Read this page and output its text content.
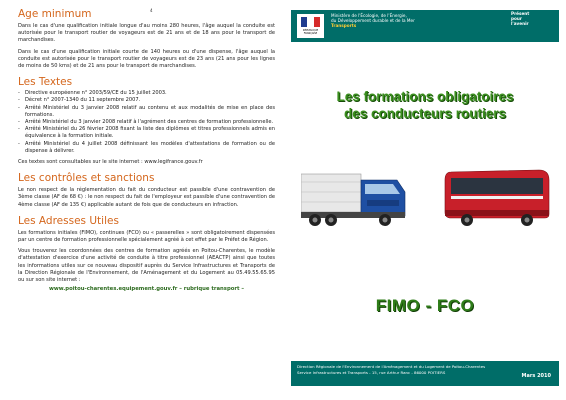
4
Age minimum

Dans le cas d'une qualification initiale longue d'au moins 280 heures, l'âge auquel la conduite est autorisée pour le transport routier de voyageurs est de 21 ans et de 18 ans pour le transport de marchandises.

Dans le cas d'une qualification initiale courte de 140 heures ou d'une dispense, l'âge auquel la conduite est autorisée pour le transport routier de voyageurs est de 23 ans (21 ans pour les lignes de moins de 50 kms) et de 21 ans pour le transport de marchandises.

Les Textes
- Directive européenne n° 2003/59/CE du 15 juillet 2003.
- Décret n° 2007-1340 du 11 septembre 2007.
- Arrêté Ministériel du 3 janvier 2008 relatif au contenu et aux modalités de mise en place des formations.
- Arrêté Ministériel du 3 janvier 2008 relatif à l'agrément des centres de formation professionnelle.
- Arrêté Ministériel du 26 février 2008 fixant la liste des diplômes et titres professionnels admis en équivalence à la formation initiale.
- Arrêté Ministériel du 4 juillet 2008 définissant les modèles d'attestations de formation ou de dispense à délivrer.

Ces textes sont consultables sur le site internet : www.legifrance.gouv.fr

Les contrôles et sanctions

Le non respect de la réglementation du fait du conducteur est passible d'une contravention de 3ème classe (AF de 68 €) : le non respect du fait de l'employeur est passible d'une contravention de 4ème classe (AF de 135 €) applicable autant de fois que de conducteurs en infraction.

Les Adresses Utiles

Les formations initiales (FIMO), continues (FCO) ou « passerelles » sont obligatoirement dispensées par un centre de formation professionnelle spécialement agréé à cet effet par le Préfet de Région.

Vous trouverez les coordonnées des centres de formation agréés en Poitou-Charentes, le modèle d'attestation d'exercice d'une activité de conduite à titre professionnel (AEACTP) ainsi que toutes les informations utiles sur ce nouveau dispositif auprès du Service Infrastructures et Transports de la Direction Régionale de l'Environnement, de l'Aménagement et du Logement au 05.49.55.65.95 ou sur son site internet :

www.poitou-charentes.equipement.gouv.fr – rubrique transport –
RÉPUBLIQUE FRANÇAISE
Ministère de l'Écologie, de l'Énergie,
du Développement durable et de la Mer
Transports
Présent
pour
l'avenir
Les formations obligatoires
des conducteurs routiers
FIMO - FCO
Direction Régionale de l'Environnement de l'Aménagement et du Logement de Poitou-Charentes
Service Infrastructures et Transports - 15, rue Arthur Ranc - 86000 POITIERS
Mars 2010
